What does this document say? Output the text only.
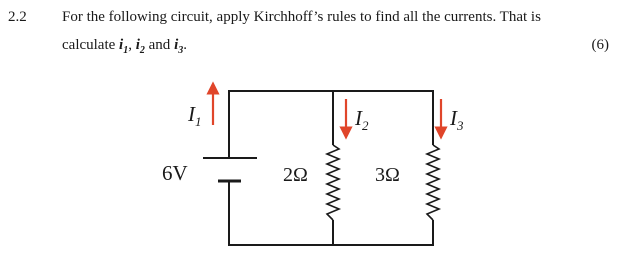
2.2 For the following circuit, apply Kirchhoff’s rules to find all the currents. That is
calculate $i_1$, $i_2$ and $i_3$.	(6)
6V	2Ω	3Ω
$I_1$	$I_2$	$I_3$
